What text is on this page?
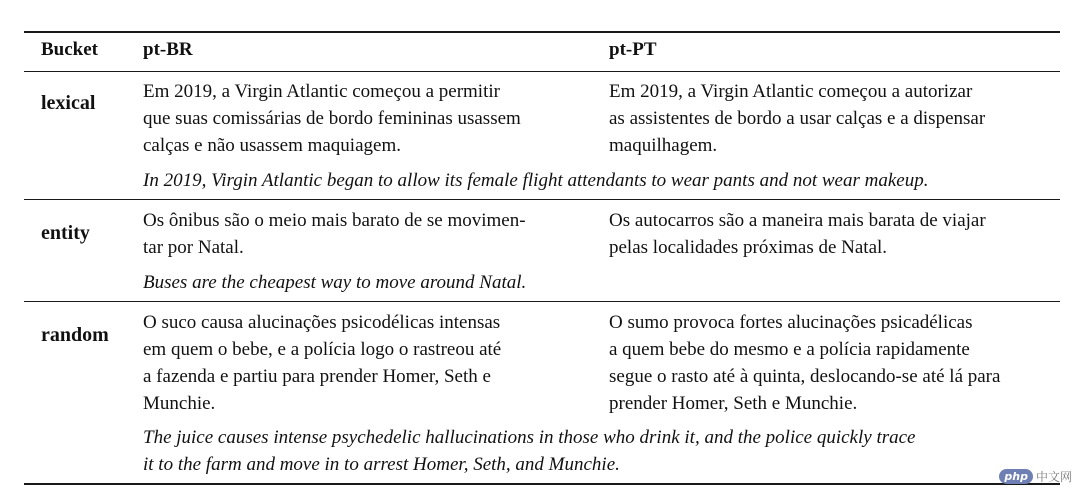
Bucket pt-BR	pt-PT
lexical

Em 2019, a Virgin Atlantic começou a permitir
que suas comissárias de bordo femininas usassem
calças e não usassem maquiagem.

Em 2019, a Virgin Atlantic começou a autorizar
as assistentes de bordo a usar calças e a dispensar
maquilhagem.

In 2019, Virgin Atlantic began to allow its female flight attendants to wear pants and not wear makeup.

entity

Os ônibus são o meio mais barato de se movimen-
tar por Natal.

Os autocarros são a maneira mais barata de viajar
pelas localidades próximas de Natal.

Buses are the cheapest way to move around Natal.

random

O suco causa alucinações psicodélicas intensas
em quem o bebe, e a polícia logo o rastreou até
a fazenda e partiu para prender Homer, Seth e
Munchie.

O sumo provoca fortes alucinações psicadélicas
a quem bebe do mesmo e a polícia rapidamente
segue o rasto até à quinta, deslocando-se até lá para
prender Homer, Seth e Munchie.

The juice causes intense psychedelic hallucinations in those who drink it, and the police quickly trace
it to the farm and move in to arrest Homer, Seth, and Munchie.

php 中文网
